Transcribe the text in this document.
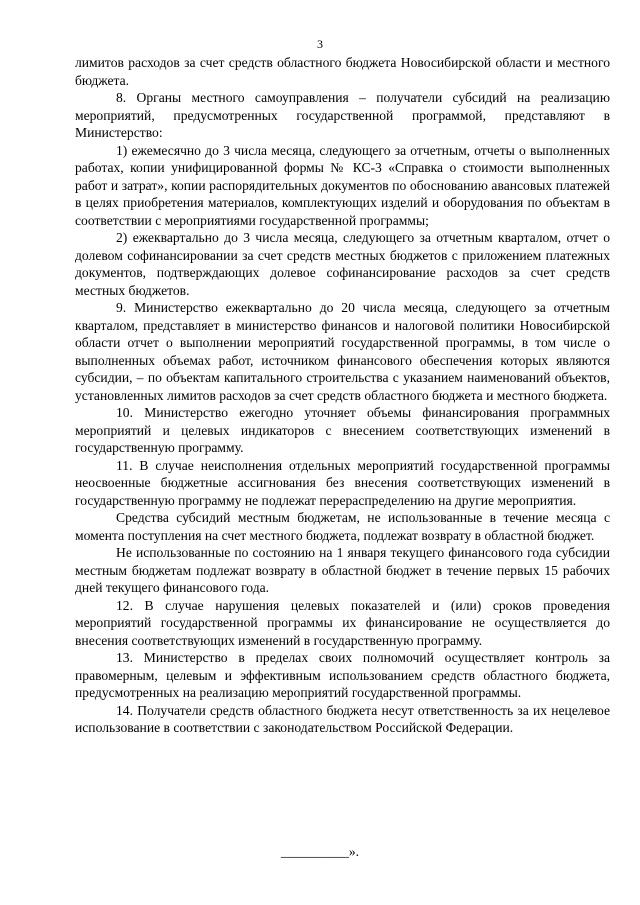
3

лимитов расходов за счет средств областного бюджета Новосибирской области и местного бюджета.

8. Органы местного самоуправления – получатели субсидий на реализацию мероприятий, предусмотренных государственной программой, представляют в Министерство:

1) ежемесячно до 3 числа месяца, следующего за отчетным, отчеты о выполненных работах, копии унифицированной формы № КС-3 «Справка о стоимости выполненных работ и затрат», копии распорядительных документов по обоснованию авансовых платежей в целях приобретения материалов, комплектующих изделий и оборудования по объектам в соответствии с мероприятиями государственной программы;

2) ежеквартально до 3 числа месяца, следующего за отчетным кварталом, отчет о долевом софинансировании за счет средств местных бюджетов с приложением платежных документов, подтверждающих долевое софинансирование расходов за счет средств местных бюджетов.

9. Министерство ежеквартально до 20 числа месяца, следующего за отчетным кварталом, представляет в министерство финансов и налоговой политики Новосибирской области отчет о выполнении мероприятий государственной программы, в том числе о выполненных объемах работ, источником финансового обеспечения которых являются субсидии, – по объектам капитального строительства с указанием наименований объектов, установленных лимитов расходов за счет средств областного бюджета и местного бюджета.

10. Министерство ежегодно уточняет объемы финансирования программных мероприятий и целевых индикаторов с внесением соответствующих изменений в государственную программу.

11. В случае неисполнения отдельных мероприятий государственной программы неосвоенные бюджетные ассигнования без внесения соответствующих изменений в государственную программу не подлежат перераспределению на другие мероприятия.

Средства субсидий местным бюджетам, не использованные в течение месяца с момента поступления на счет местного бюджета, подлежат возврату в областной бюджет.

Не использованные по состоянию на 1 января текущего финансового года субсидии местным бюджетам подлежат возврату в областной бюджет в течение первых 15 рабочих дней текущего финансового года.

12. В случае нарушения целевых показателей и (или) сроков проведения мероприятий государственной программы их финансирование не осуществляется до внесения соответствующих изменений в государственную программу.

13. Министерство в пределах своих полномочий осуществляет контроль за правомерным, целевым и эффективным использованием средств областного бюджета, предусмотренных на реализацию мероприятий государственной программы.

14. Получатели средств областного бюджета несут ответственность за их нецелевое использование в соответствии с законодательством Российской Федерации.

__________».
